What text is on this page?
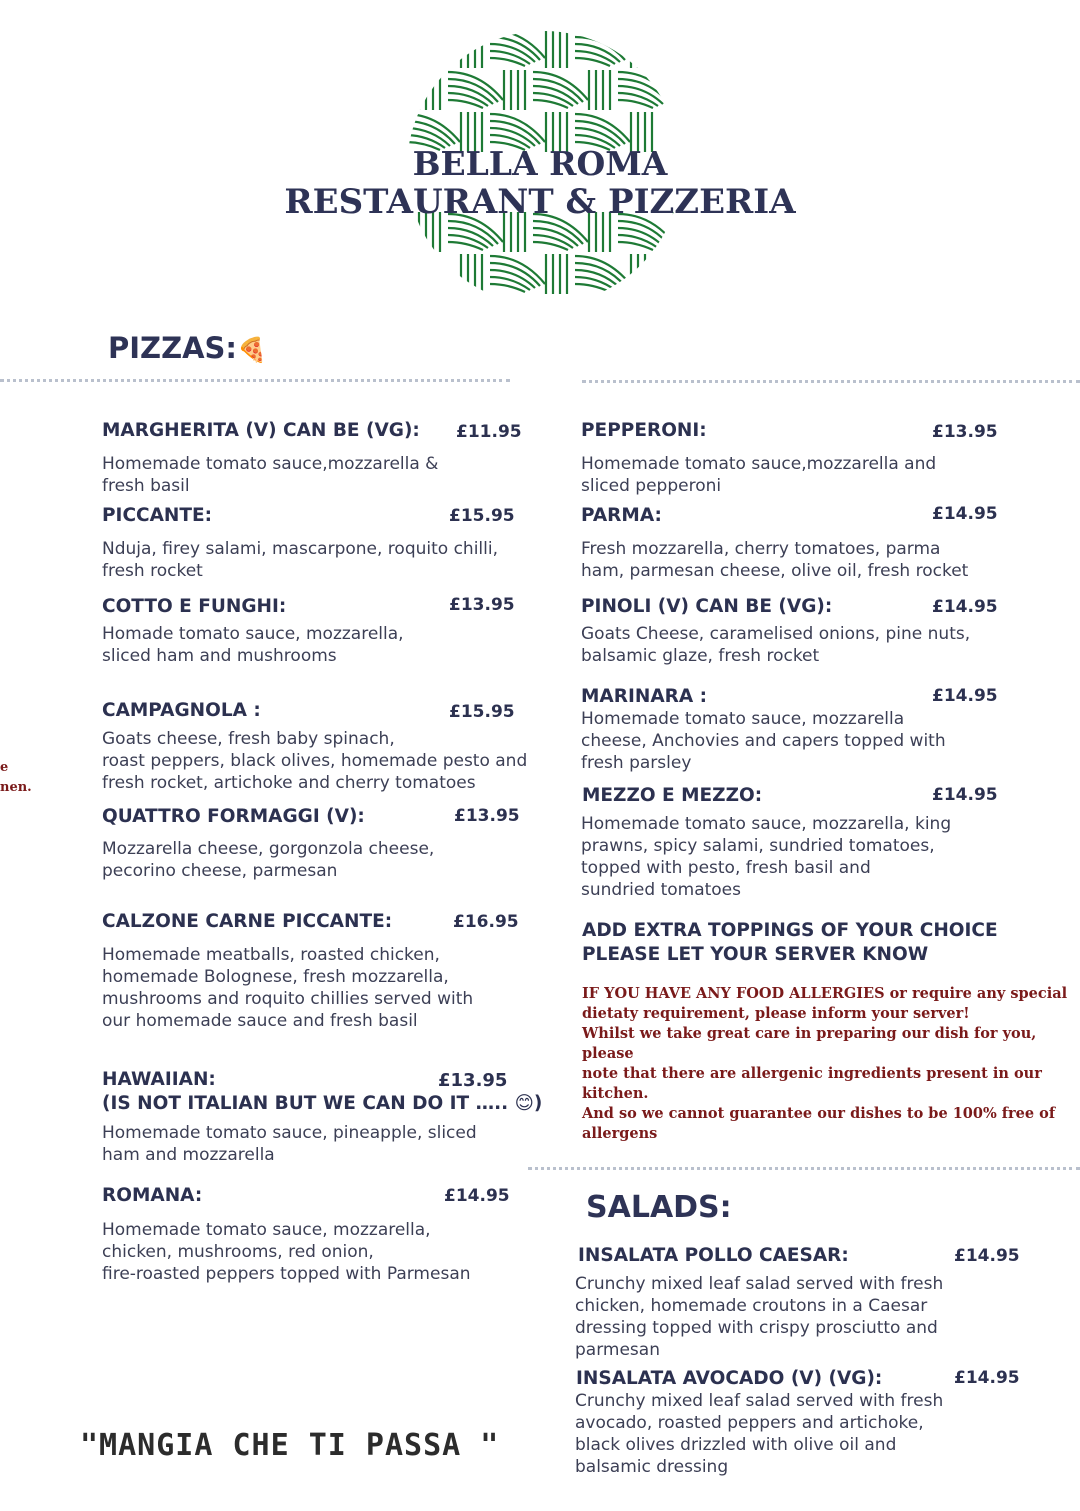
BELLA ROMA
RESTAURANT & PIZZERIA
PIZZAS:🍕
MARGHERITA (V) CAN BE (VG): £11.95
Homemade tomato sauce,mozzarella &
fresh basil
PICCANTE:	£15.95
Nduja, firey salami, mascarpone, roquito chilli,
fresh rocket
COTTO E FUNGHI:	£13.95
Homade tomato sauce, mozzarella,
sliced ham and mushrooms
CAMPAGNOLA :	£15.95
Goats cheese, fresh baby spinach,
roast peppers, black olives, homemade pesto and
fresh rocket, artichoke and cherry tomatoes
QUATTRO FORMAGGI (V):	£13.95
Mozzarella cheese, gorgonzola cheese,
pecorino cheese, parmesan
CALZONE CARNE PICCANTE:	£16.95
Homemade meatballs, roasted chicken,
homemade Bolognese, fresh mozzarella,
mushrooms and roquito chillies served with
our homemade sauce and fresh basil
HAWAIIAN:	£13.95
(IS NOT ITALIAN BUT WE CAN DO IT ….. 😊)
Homemade tomato sauce, pineapple, sliced
ham and mozzarella
ROMANA:	£14.95
Homemade tomato sauce, mozzarella,
chicken, mushrooms, red onion,
fire-roasted peppers topped with Parmesan
e
nen.
PEPPERONI:	£13.95
Homemade tomato sauce,mozzarella and
sliced pepperoni
PARMA:	£14.95
Fresh mozzarella, cherry tomatoes, parma
ham, parmesan cheese, olive oil, fresh rocket
PINOLI (V) CAN BE (VG):	£14.95
Goats Cheese, caramelised onions, pine nuts,
balsamic glaze, fresh rocket
MARINARA :	£14.95
Homemade tomato sauce, mozzarella
cheese, Anchovies and capers topped with
fresh parsley
MEZZO E MEZZO:	£14.95
Homemade tomato sauce, mozzarella, king
prawns, spicy salami, sundried tomatoes,
topped with pesto, fresh basil and
sundried tomatoes
ADD EXTRA TOPPINGS OF YOUR CHOICE
PLEASE LET YOUR SERVER KNOW

IF YOU HAVE ANY FOOD ALLERGIES or require any special

dietaty requirement, please inform your server!

Whilst we take great care in preparing our dish for you, please

note that there are allergenic ingredients present in our kitchen.

And so we cannot guarantee our dishes to be 100% free of

allergens

SALADS:
INSALATA POLLO CAESAR:	£14.95
Crunchy mixed leaf salad served with fresh
chicken, homemade croutons in a Caesar
dressing topped with crispy prosciutto and
parmesan
INSALATA AVOCADO (V) (VG):	£14.95
Crunchy mixed leaf salad served with fresh
avocado, roasted peppers and artichoke,
black olives drizzled with olive oil and
balsamic dressing
"MANGIA CHE TI PASSA "
